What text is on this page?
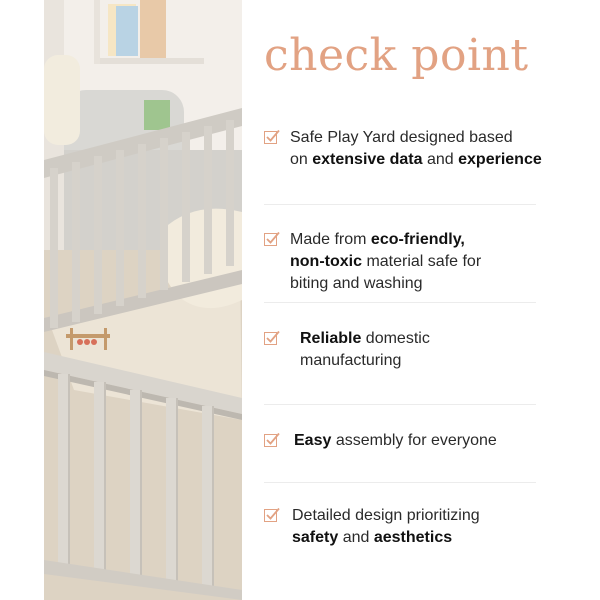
check point
Safe Play Yard designed based
on extensive data and experience
Made from eco-friendly,
non-toxic material safe for
biting and washing
Reliable domestic
manufacturing
Easy assembly for everyone
Detailed design prioritizing
safety and aesthetics
